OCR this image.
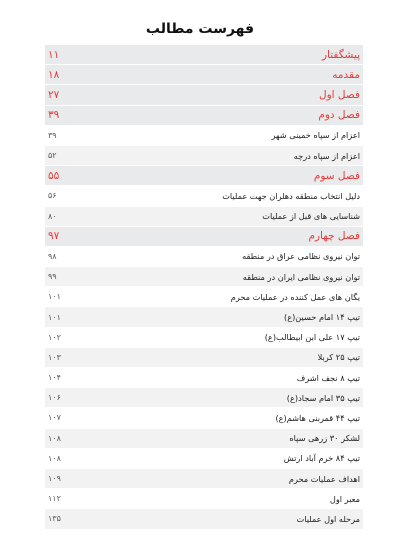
فهرست مطالب
پیشگفتار
۱۱
مقدمه
۱۸
فصل اول
۲۷
فصل دوم
۳۹
اعزام از سپاه خمینی شهر
۳۹
اعزام از سپاه درچه
۵۲
فصل سوم
۵۵
دلیل انتخاب منطقه دهلران جهت عملیات
۵۶
شناسایی های قبل از عملیات
۸۰
فصل چهارم
۹۷
توان نیروی نظامی عراق در منطقه
۹۸
توان نیروی نظامی ایران در منطقه
۹۹
یگان های عمل کننده در عملیات محرم
۱۰۱
تیپ ۱۴ امام حسین(ع)
۱۰۱
تیپ ۱۷ علی ابن ابیطالب(ع)
۱۰۲
تیپ ۲۵ کربلا
۱۰۳
تیپ ۸ نجف اشرف
۱۰۴
تیپ ۳۵ امام سجاد(ع)
۱۰۶
تیپ ۴۴ قمربنی هاشم(ع)
۱۰۷
لشکر ۳۰ زرهی سپاه
۱۰۸
تیپ ۸۴ خرم آباد ارتش
۱۰۸
اهداف عملیات محرم
۱۰۹
معبر اول
۱۱۲
مرحله اول عملیات
۱۳۵
